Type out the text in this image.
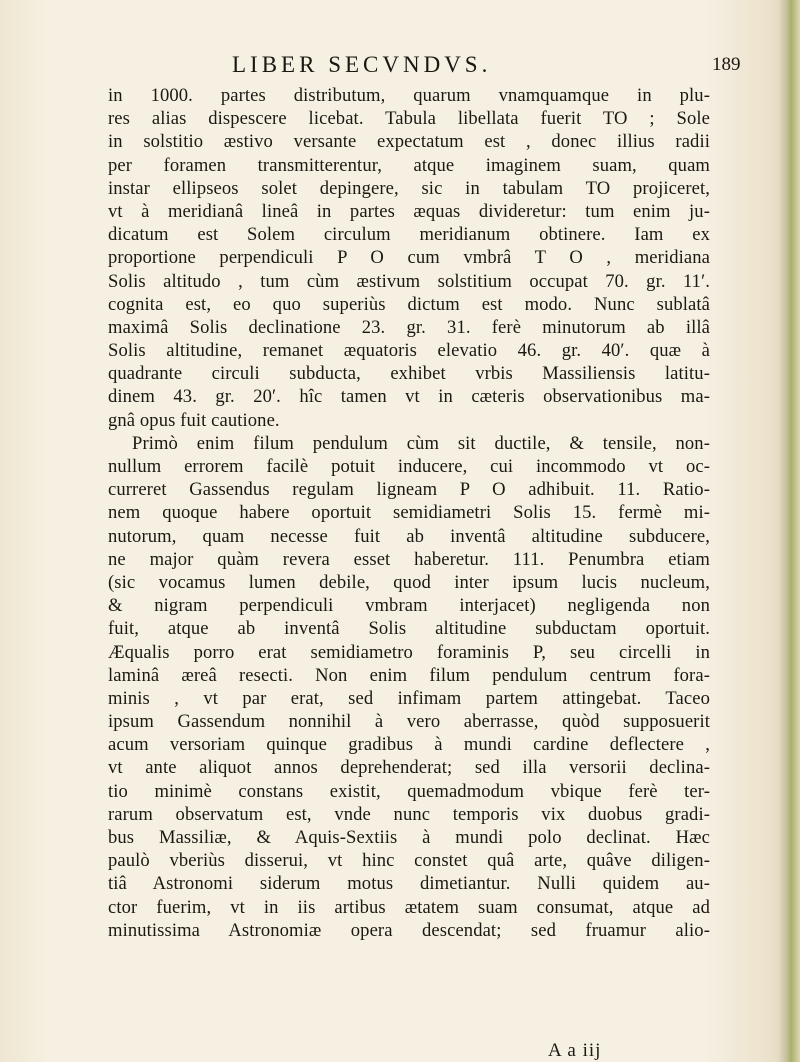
LIBER SECVNDVS.	189
in 1000. partes distributum, quarum vnamquamque in plu-
res alias dispescere licebat. Tabula libellata fuerit TO ; Sole
in solstitio æstivo versante expectatum est , donec illius radii
per foramen transmitterentur, atque imaginem suam, quam
instar ellipseos solet depingere, sic in tabulam TO projiceret,
vt à meridianâ lineâ in partes æquas divideretur: tum enim ju-
dicatum est Solem circulum meridianum obtinere. Iam ex
proportione perpendiculi P O cum vmbrâ T O , meridiana
Solis altitudo , tum cùm æstivum solstitium occupat 70. gr. 11′.
cognita est, eo quo superiùs dictum est modo. Nunc sublatâ
maximâ Solis declinatione 23. gr. 31. ferè minutorum ab illâ
Solis altitudine, remanet æquatoris elevatio 46. gr. 40′. quæ à
quadrante circuli subducta, exhibet vrbis Massiliensis latitu-
dinem 43. gr. 20′. hîc tamen vt in cæteris observationibus ma-
gnâ opus fuit cautione.
Primò enim filum pendulum cùm sit ductile, & tensile, non-
nullum errorem facilè potuit inducere, cui incommodo vt oc-
curreret Gassendus regulam ligneam P O adhibuit. 11. Ratio-
nem quoque habere oportuit semidiametri Solis 15. fermè mi-
nutorum, quam necesse fuit ab inventâ altitudine subducere,
ne major quàm revera esset haberetur. 111. Penumbra etiam
(sic vocamus lumen debile, quod inter ipsum lucis nucleum,
& nigram perpendiculi vmbram interjacet) negligenda non
fuit, atque ab inventâ Solis altitudine subductam oportuit.
Æqualis porro erat semidiametro foraminis P, seu circelli in
laminâ æreâ resecti. Non enim filum pendulum centrum fora-
minis , vt par erat, sed infimam partem attingebat. Taceo
ipsum Gassendum nonnihil à vero aberrasse, quòd supposuerit
acum versoriam quinque gradibus à mundi cardine deflectere ,
vt ante aliquot annos deprehenderat; sed illa versorii declina-
tio minimè constans existit, quemadmodum vbique ferè ter-
rarum observatum est, vnde nunc temporis vix duobus gradi-
bus Massiliæ, & Aquis-Sextiis à mundi polo declinat. Hæc
paulò vberiùs disserui, vt hinc constet quâ arte, quâve diligen-
tiâ Astronomi siderum motus dimetiantur. Nulli quidem au-
ctor fuerim, vt in iis artibus ætatem suam consumat, atque ad
minutissima Astronomiæ opera descendat; sed fruamur alio-
A a iij
